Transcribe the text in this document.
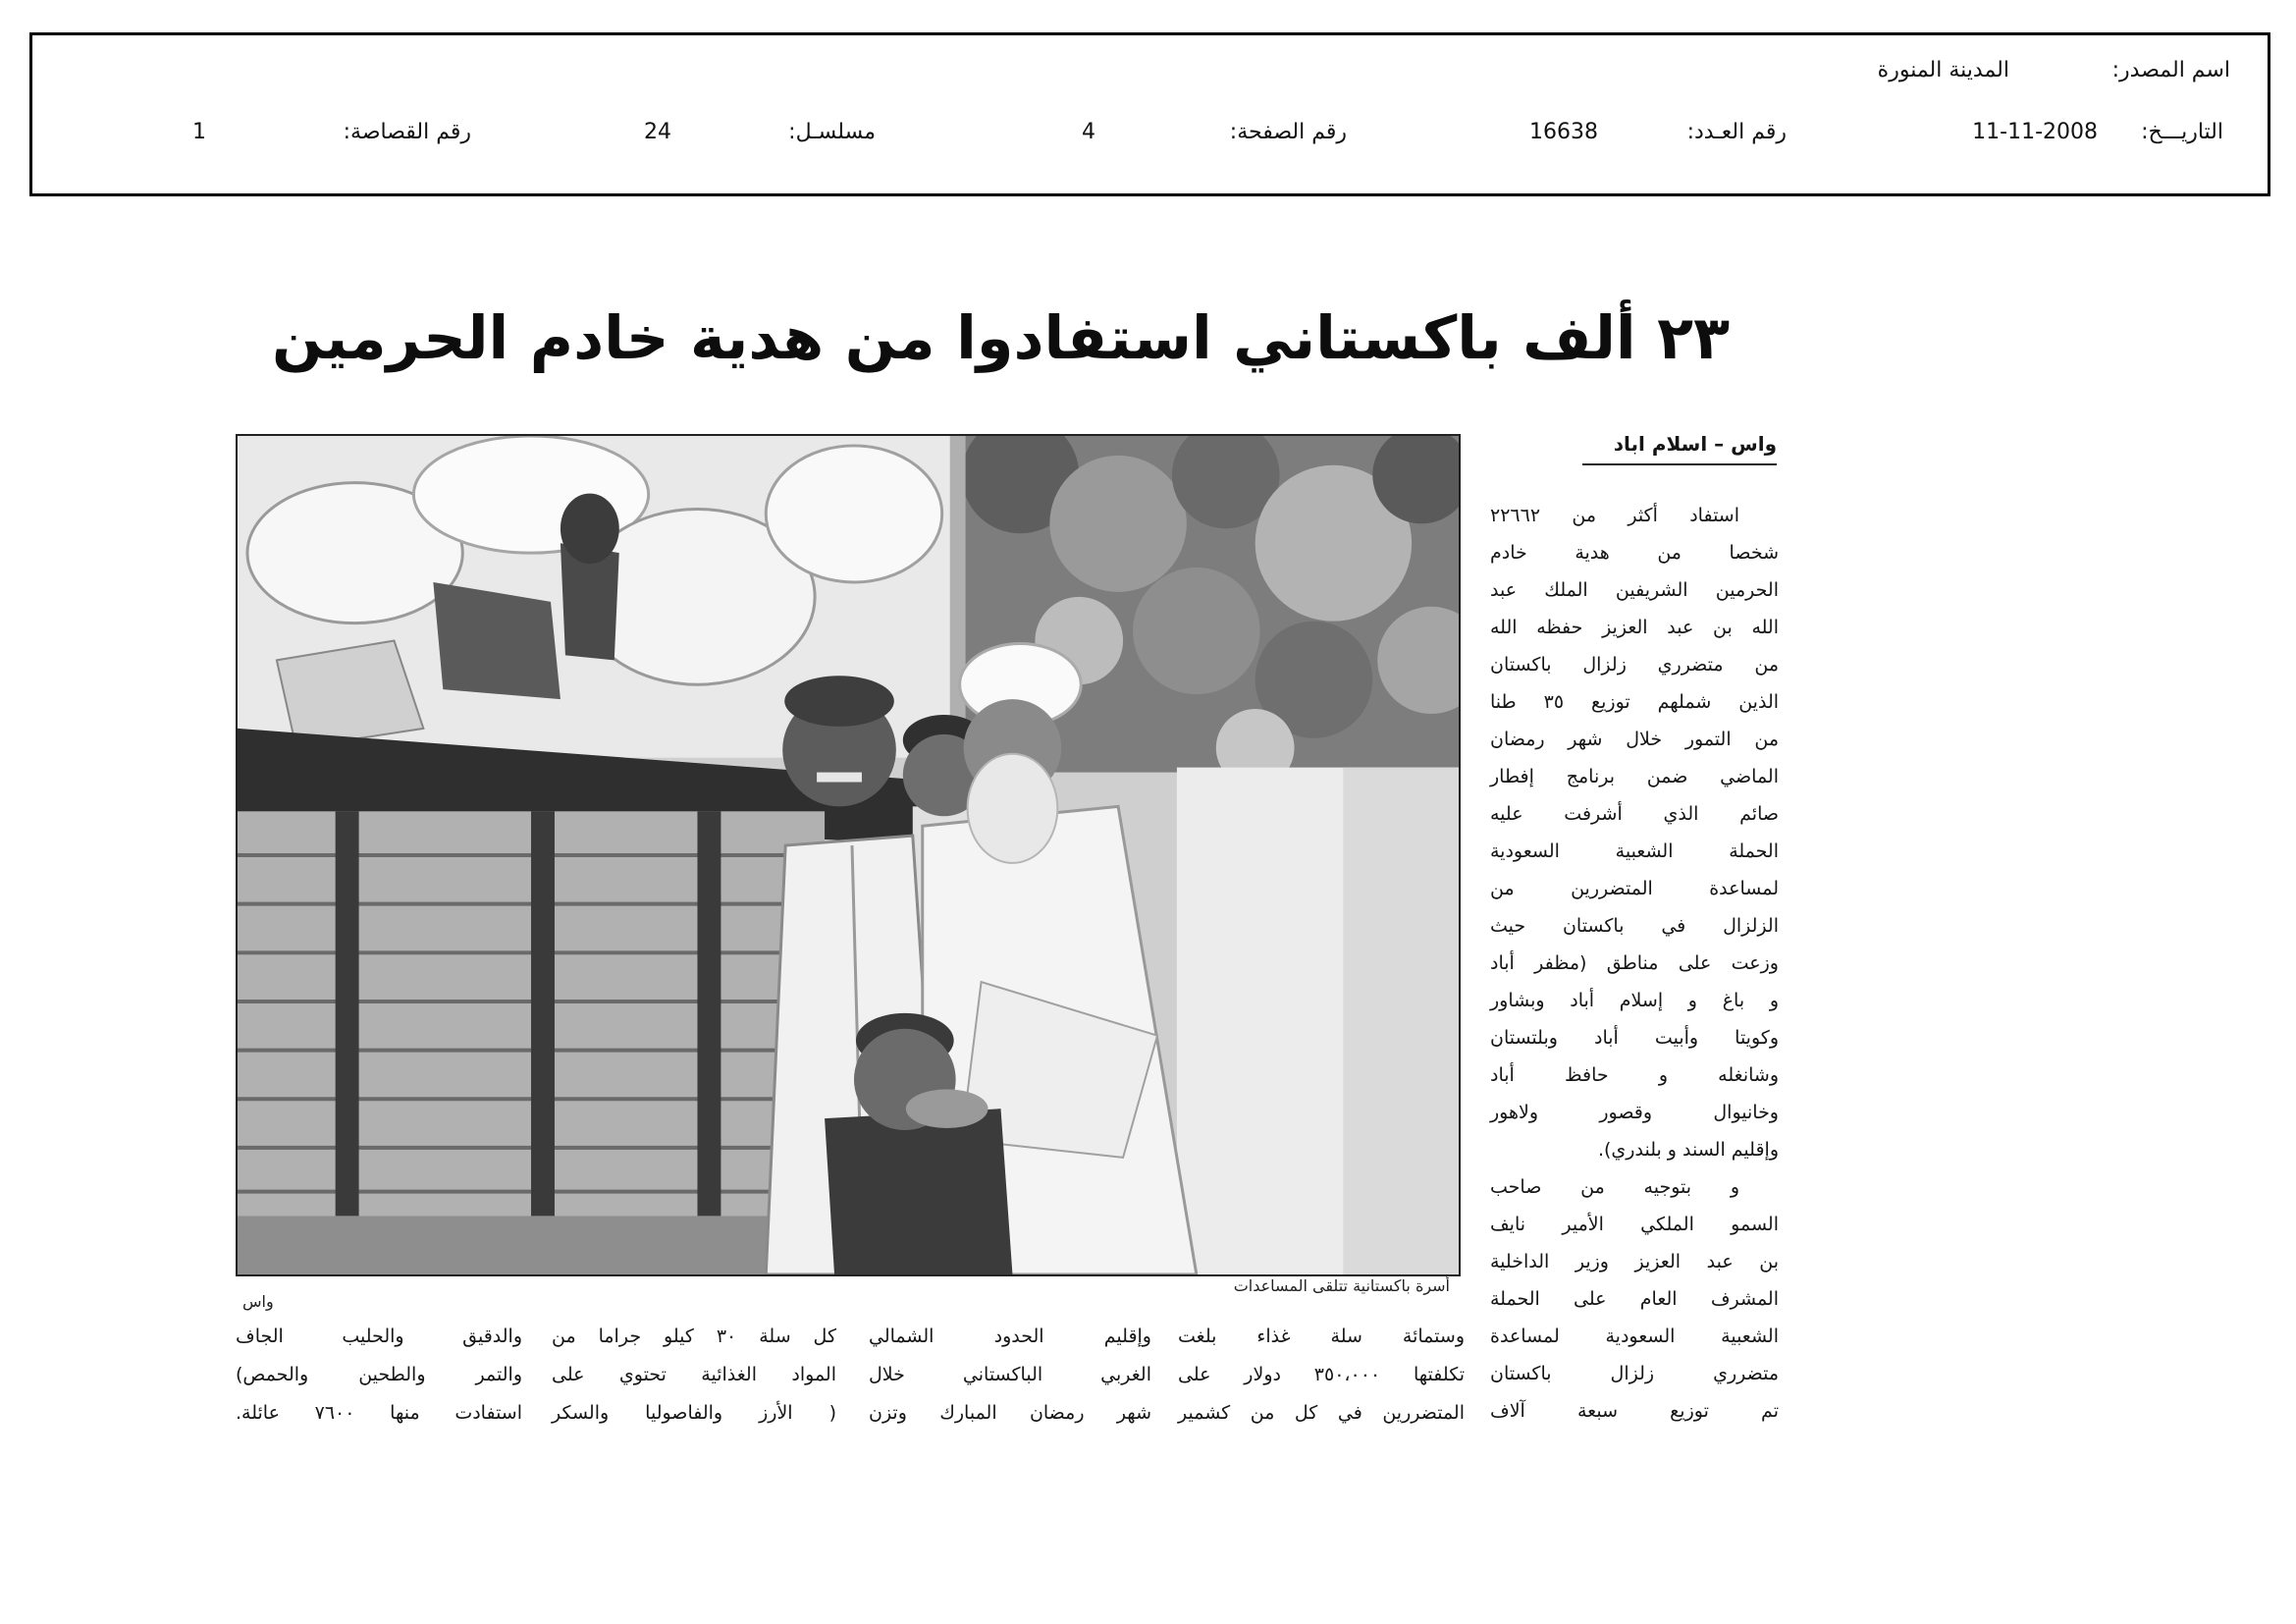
اسم المصدر:
المدينة المنورة
التاريـــخ:
11-11-2008
رقم العـدد:
16638
رقم الصفحة:
4
مسلسـل:
24
رقم القصاصة:
1
٢٣ ألف باكستاني استفادوا من هدية خادم الحرمين
واس – اسلام اباد
استفاد أكثر من ٢٢٦٦٢
شخصا من هدية خادم
الحرمين الشريفين الملك عبد
الله بن عبد العزيز حفظه الله
من متضرري زلزال باكستان
الذين شملهم توزيع ٣٥ طنا
من التمور خلال شهر رمضان
الماضي ضمن برنامج إفطار
صائم الذي أشرفت عليه
الحملة الشعبية السعودية
لمساعدة المتضررين من
الزلزال في باكستان حيث
وزعت على مناطق (مظفر أباد
و باغ و إسلام أباد وبشاور
وكويتا وأبيت أباد وبلتستان
وشانغله و حافظ أباد
وخانيوال وقصور ولاهور
وإقليم السند و بلندري).
و بتوجيه من صاحب
السمو الملكي الأمير نايف
بن عبد العزيز وزير الداخلية
المشرف العام على الحملة
الشعبية السعودية لمساعدة
متضرري زلزال باكستان
تم توزيع سبعة آلاف
أسرة باكستانية تتلقى المساعدات
واس
وستمائة سلة غذاء بلغت
تكلفتها ٣٥٠،٠٠٠ دولار على
المتضررين في كل من كشمير
وإقليم الحدود الشمالي
الغربي الباكستاني خلال
شهر رمضان المبارك وتزن
كل سلة ٣٠ كيلو جراما من
المواد الغذائية تحتوي على
( الأرز والفاصوليا والسكر
والدقيق والحليب الجاف
والتمر والطحين والحمص)
استفادت منها ٧٦٠٠ عائلة.
